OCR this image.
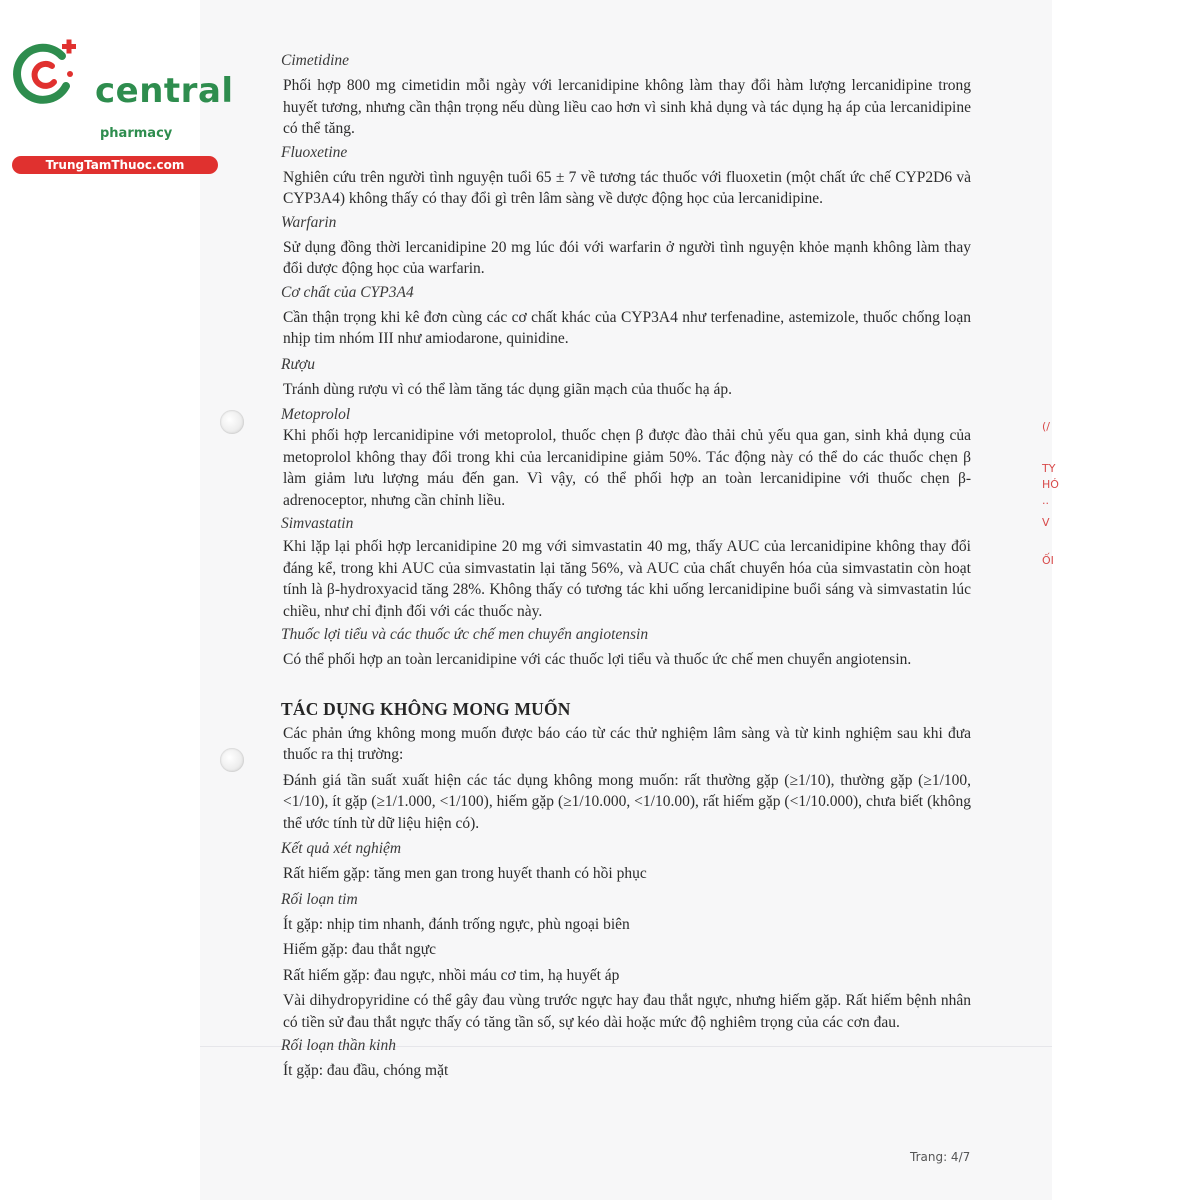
central
pharmacy
TrungTamThuoc.com
(/
TY
HÓ
..
V
ỐI

Cimetidine

Phối hợp 800 mg cimetidin mỗi ngày với lercanidipine không làm thay đổi hàm lượng lercanidipine trong huyết tương, nhưng cần thận trọng nếu dùng liều cao hơn vì sinh khả dụng và tác dụng hạ áp của lercanidipine có thể tăng.

Fluoxetine

Nghiên cứu trên người tình nguyện tuổi 65 ± 7 về tương tác thuốc với fluoxetin (một chất ức chế CYP2D6 và CYP3A4) không thấy có thay đổi gì trên lâm sàng về dược động học của lercanidipine.

Warfarin

Sử dụng đồng thời lercanidipine 20 mg lúc đói với warfarin ở người tình nguyện khỏe mạnh không làm thay đổi dược động học của warfarin.

Cơ chất của CYP3A4

Cần thận trọng khi kê đơn cùng các cơ chất khác của CYP3A4 như terfenadine, astemizole, thuốc chống loạn nhịp tim nhóm III như amiodarone, quinidine.

Rượu

Tránh dùng rượu vì có thể làm tăng tác dụng giãn mạch của thuốc hạ áp.

Metoprolol

Khi phối hợp lercanidipine với metoprolol, thuốc chẹn β được đào thải chủ yếu qua gan, sinh khả dụng của metoprolol không thay đổi trong khi của lercanidipine giảm 50%. Tác động này có thể do các thuốc chẹn β làm giảm lưu lượng máu đến gan. Vì vậy, có thể phối hợp an toàn lercanidipine với thuốc chẹn β-adrenoceptor, nhưng cần chỉnh liều.

Simvastatin

Khi lặp lại phối hợp lercanidipine 20 mg với simvastatin 40 mg, thấy AUC của lercanidipine không thay đổi đáng kể, trong khi AUC của simvastatin lại tăng 56%, và AUC của chất chuyển hóa của simvastatin còn hoạt tính là β-hydroxyacid tăng 28%. Không thấy có tương tác khi uống lercanidipine buổi sáng và simvastatin lúc chiều, như chỉ định đối với các thuốc này.

Thuốc lợi tiểu và các thuốc ức chế men chuyển angiotensin

Có thể phối hợp an toàn lercanidipine với các thuốc lợi tiểu và thuốc ức chế men chuyển angiotensin.

TÁC DỤNG KHÔNG MONG MUỐN

Các phản ứng không mong muốn được báo cáo từ các thử nghiệm lâm sàng và từ kinh nghiệm sau khi đưa thuốc ra thị trường:

Đánh giá tần suất xuất hiện các tác dụng không mong muốn: rất thường gặp (≥1/10), thường gặp (≥1/100, <1/10), ít gặp (≥1/1.000, <1/100), hiếm gặp (≥1/10.000, <1/10.00), rất hiếm gặp (<1/10.000), chưa biết (không thể ước tính từ dữ liệu hiện có).

Kết quả xét nghiệm

Rất hiếm gặp: tăng men gan trong huyết thanh có hồi phục

Rối loạn tim

Ít gặp: nhịp tim nhanh, đánh trống ngực, phù ngoại biên

Hiếm gặp: đau thắt ngực

Rất hiếm gặp: đau ngực, nhồi máu cơ tim, hạ huyết áp

Vài dihydropyridine có thể gây đau vùng trước ngực hay đau thắt ngực, nhưng hiếm gặp. Rất hiếm bệnh nhân có tiền sử đau thắt ngực thấy có tăng tần số, sự kéo dài hoặc mức độ nghiêm trọng của các cơn đau.

Rối loạn thần kinh

Ít gặp: đau đầu, chóng mặt

Trang: 4/7
